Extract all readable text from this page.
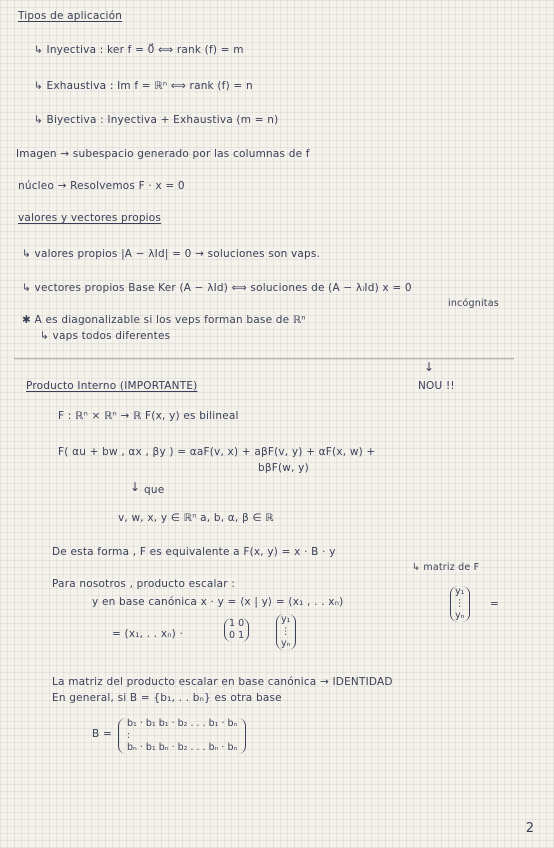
Tipos de aplicación
↳ Inyectiva : ker f = 0⃗ ⟺ rank (f) = m
↳ Exhaustiva : Im f = ℝⁿ ⟺ rank (f) = n
↳ Biyectiva : Inyectiva + Exhaustiva (m = n)
Imagen → subespacio generado por las columnas de f
núcleo → Resolvemos F · x = 0
valores y vectores propios
↳ valores propios |A − λId| = 0 → soluciones son vaps.
↳ vectores propios Base Ker (A − λId) ⟺ soluciones de (A − λᵢId) x = 0
incógnitas
✱ A es diagonalizable si los veps forman base de ℝⁿ
↳ vaps todos diferentes
Producto Interno (IMPORTANTE)
↓
NOU !!
F : ℝⁿ × ℝⁿ → ℝ F(x, y) es bilineal
F( αu + bw , αx , βy ) = αaF(v, x) + aβF(v, y) + αF(x, w) +
bβF(w, y)
↓ que
v, w, x, y ∈ ℝⁿ a, b, α, β ∈ ℝ
De esta forma , F es equivalente a F(x, y) = x · B · y
↳ matriz de F
Para nosotros , producto escalar :
y en base canónica x · y = ⟨x | y⟩ = (x₁ , . . xₙ)
y₁
⋮
yₙ
=
= (x₁, . . xₙ) ·
1 0
0 1
y₁
⋮
yₙ
La matriz del producto escalar en base canónica → IDENTIDAD
En general, si B = {b₁, . . bₙ} es otra base
B =
b₁ · b₁ b₁ · b₂ . . . b₁ · bₙ
:
bₙ · b₁ bₙ · b₂ . . . bₙ · bₙ
2
